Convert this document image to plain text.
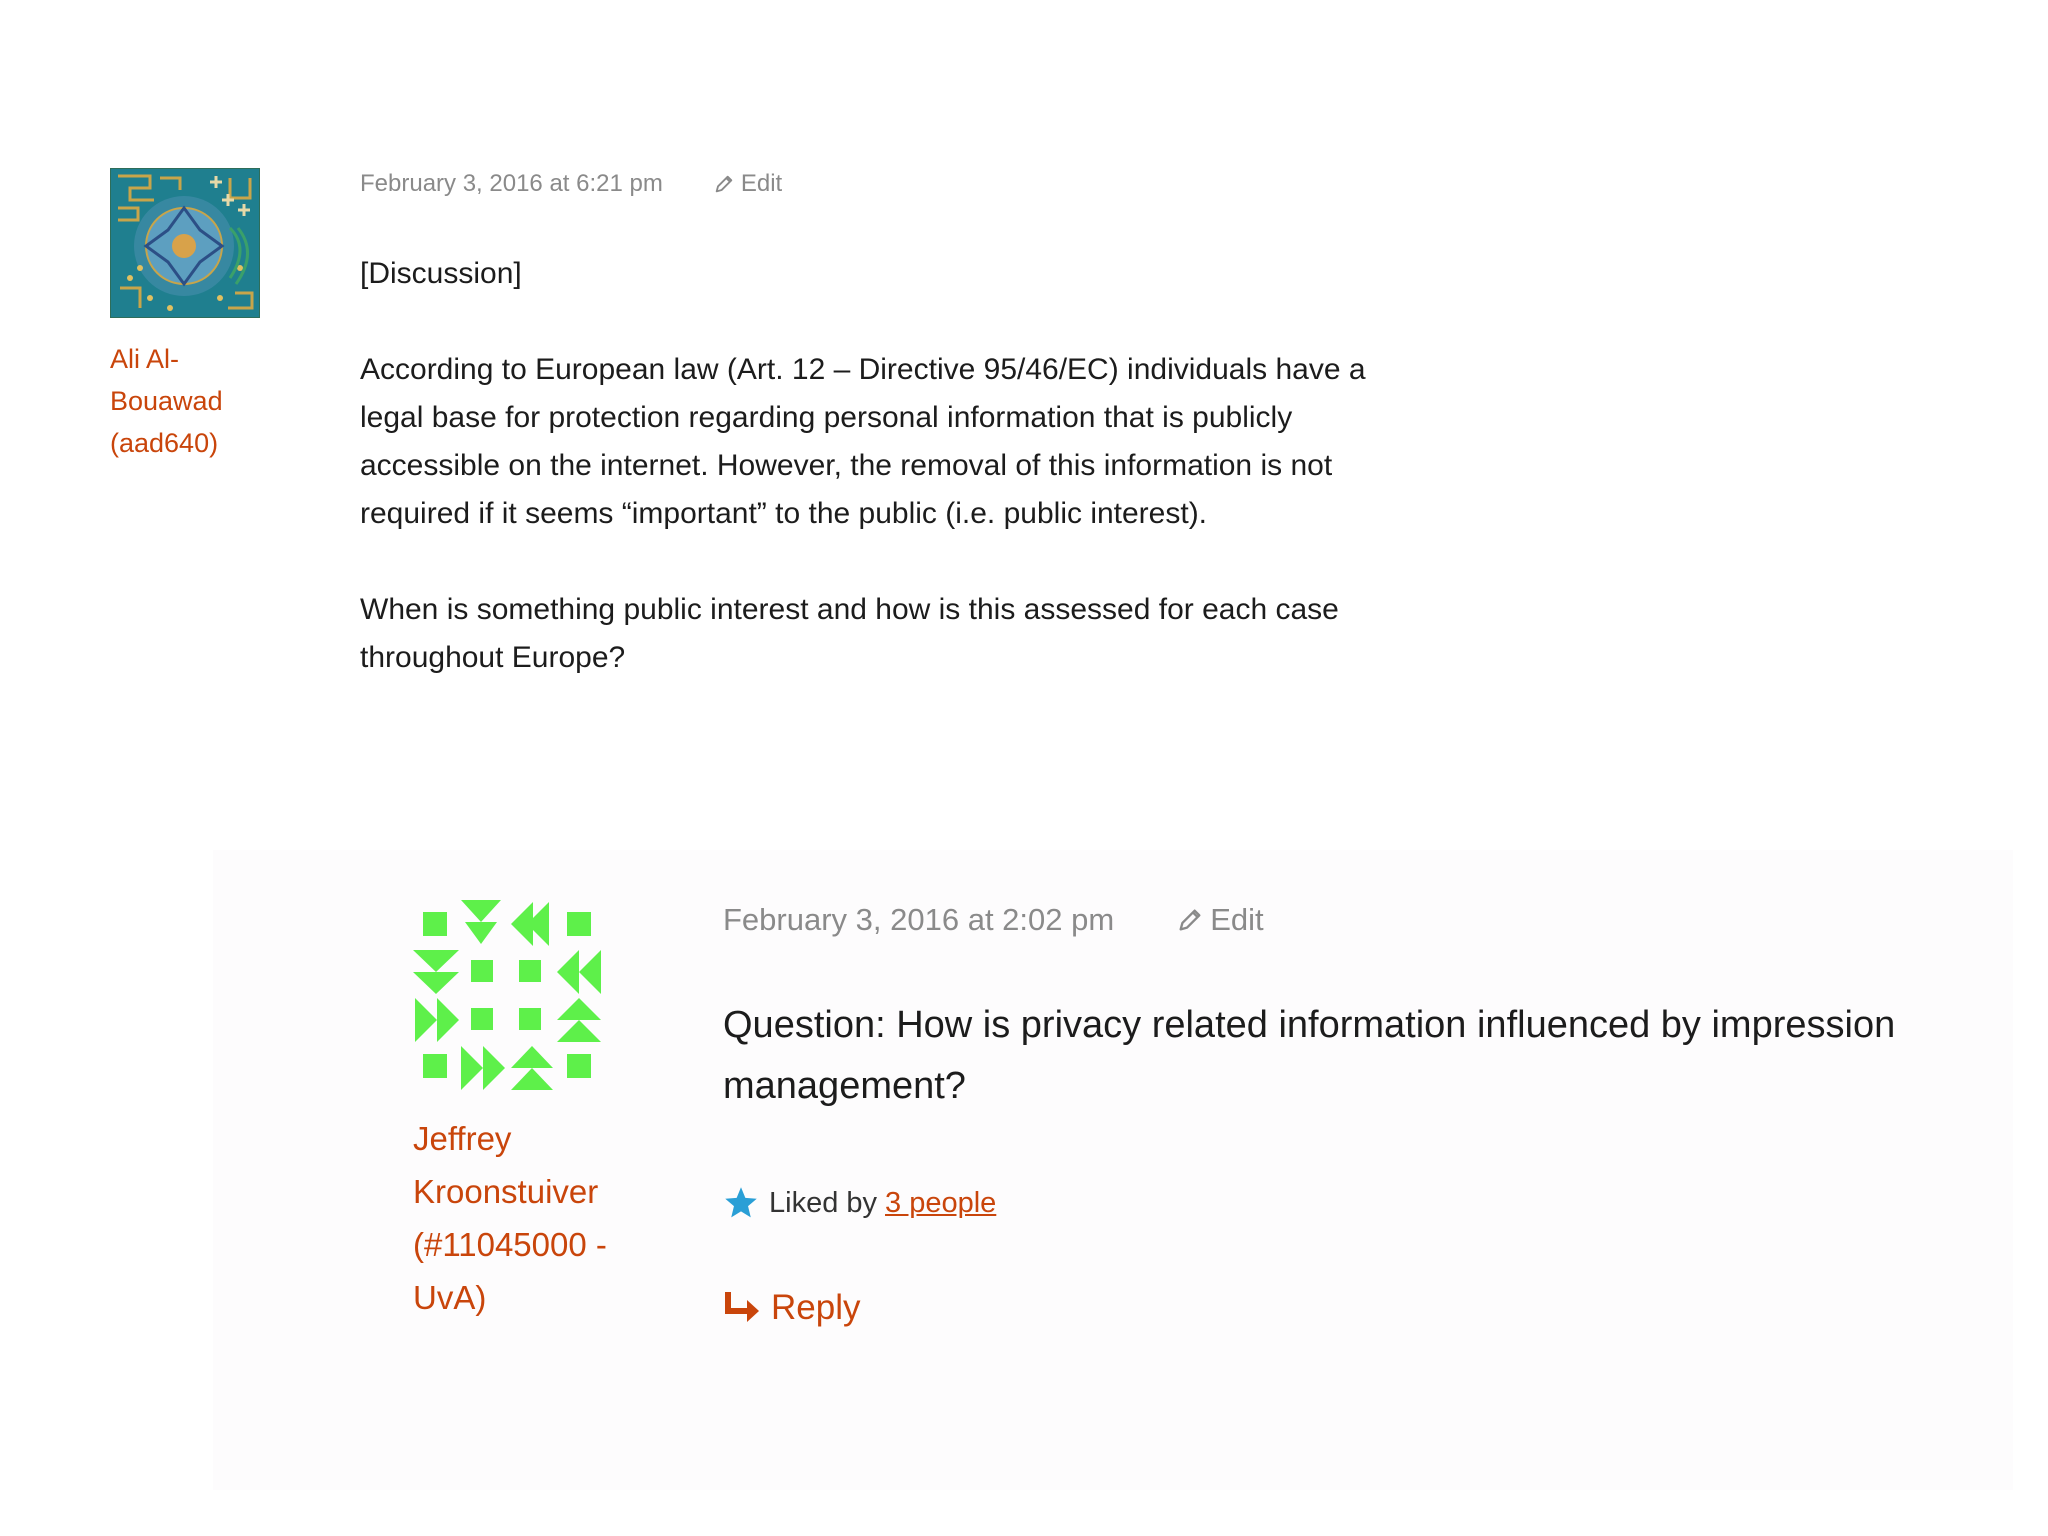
Ali Al-Bouawad (aad640)
February 3, 2016 at 6:21 pm	Edit

[Discussion]

According to European law (Art. 12 – Directive 95/46/EC) individuals have a legal base for protection regarding personal information that is publicly accessible on the internet. However, the removal of this information is not required if it seems “important” to the public (i.e. public interest).

When is something public interest and how is this assessed for each case throughout Europe?

Jeffrey Kroonstuiver (#11045000 - UvA)
February 3, 2016 at 2:02 pm	Edit

Question: How is privacy related information influenced by impression management?

Liked by 3 people
Reply
